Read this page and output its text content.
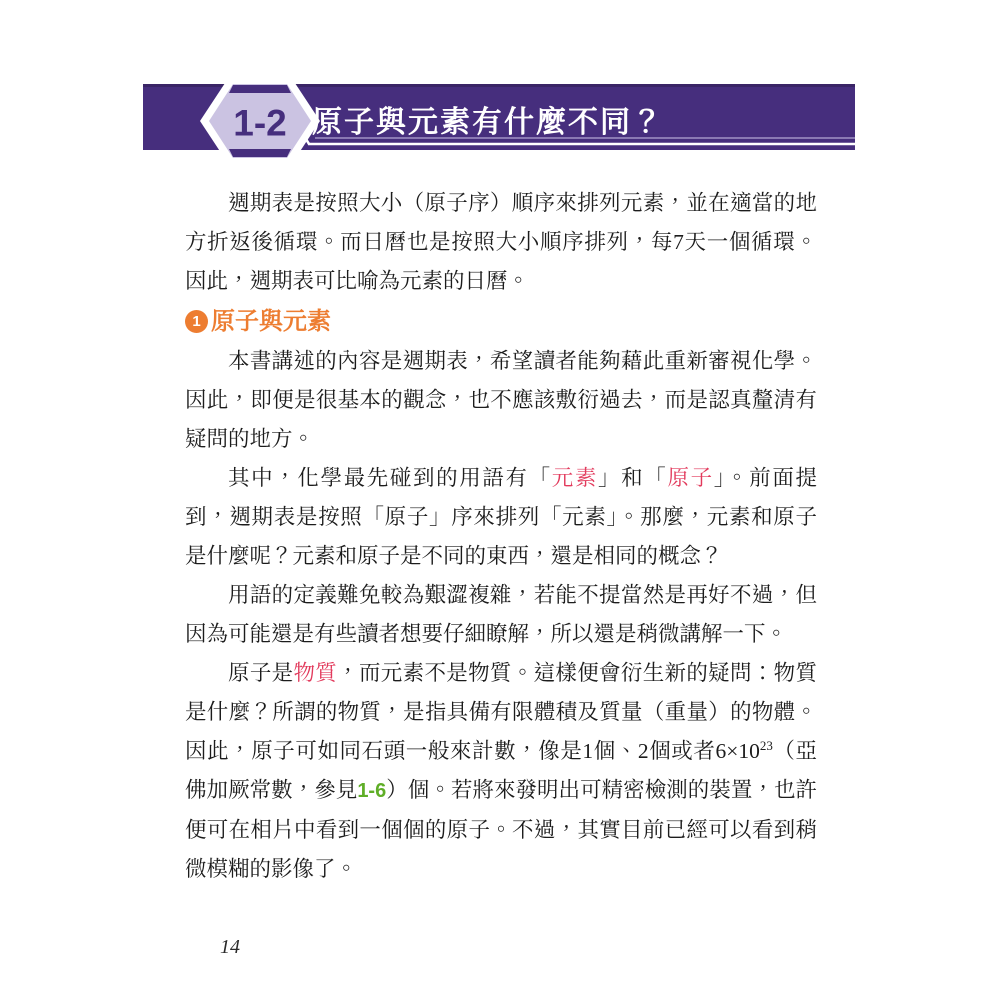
1-2 原子與元素有什麼不同？

週期表是按照大小（原子序）順序來排列元素，並在適當的地方折返後循環。而日曆也是按照大小順序排列，每7天一個循環。因此，週期表可比喻為元素的日曆。

1 原子與元素

本書講述的內容是週期表，希望讀者能夠藉此重新審視化學。因此，即便是很基本的觀念，也不應該敷衍過去，而是認真釐清有疑問的地方。

其中，化學最先碰到的用語有「元素」和「原子」。前面提到，週期表是按照「原子」序來排列「元素」。那麼，元素和原子是什麼呢？元素和原子是不同的東西，還是相同的概念？

用語的定義難免較為艱澀複雜，若能不提當然是再好不過，但因為可能還是有些讀者想要仔細瞭解，所以還是稍微講解一下。

原子是物質，而元素不是物質。這樣便會衍生新的疑問：物質是什麼？所謂的物質，是指具備有限體積及質量（重量）的物體。因此，原子可如同石頭一般來計數，像是1個、2個或者$6\times 10^{23}$（亞佛加厥常數，參見1-6）個。若將來發明出可精密檢測的裝置，也許便可在相片中看到一個個的原子。不過，其實目前已經可以看到稍微模糊的影像了。

14
